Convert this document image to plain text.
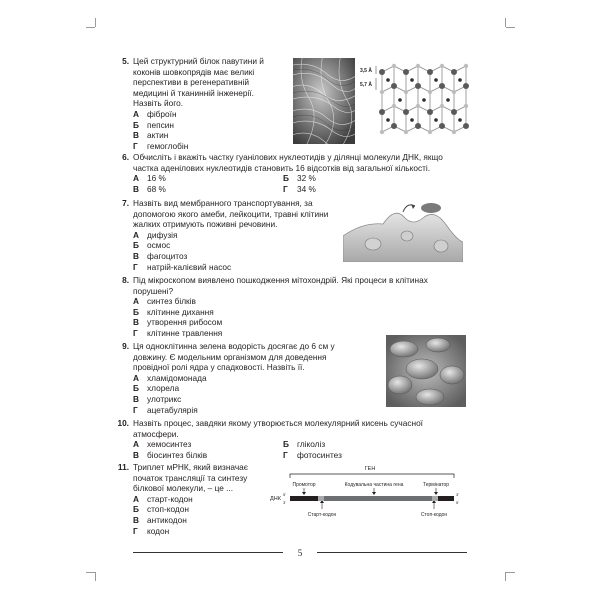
5. Цей структурний білок павутини й коконів шовкопрядів має великі перспективи в регенеративній медицині й тканинній інженерії. Назвіть його.
А фіброїн
Б пепсин
В актин
Г гемоглобін
3,5 Å
5,7 Å
6. Обчисліть і вкажіть частку гуанілових нуклеотидів у ділянці молекули ДНК, якщо частка аденілових нуклеотидів становить 16 відсотків від загальної кількості.
А 16 %	Б 32 %
В 68 %	Г 34 %
7. Назвіть вид мембранного транспортування, за допомогою якого амеби, лейкоцити, травні клітини жалких отримують поживні речовини.
А дифузія
Б осмос
В фагоцитоз
Г натрій-калієвий насос
8. Під мікроскопом виявлено пошкодження мітохондрій. Які процеси в клітинах порушені?
А синтез білків
Б клітинне дихання
В утворення рибосом
Г клітинне травлення
9. Ця одноклітинна зелена водорість досягає до 6 см у довжину. Є модельним організмом для доведення провідної ролі ядра у спадковості. Назвіть її.
А хламідомонада
Б хлорела
В улотрикс
Г ацетабулярія
10. Назвіть процес, завдяки якому утворюється молекулярний кисень сучасної атмосфери.
А хемосинтез	Б гліколіз
В біосинтез білків	Г фотосинтез
11. Триплет мРНК, який визначає початок трансляції та синтезу білкової молекули, – це ...
А старт-кодон
Б стоп-кодон
В антикодон
Г кодон
ГЕН
Промотор	Кодувальна частина гена	Термінатор
ДНК
5'
3'
3'
5'
Старт-кодон	Стоп-кодон
5
